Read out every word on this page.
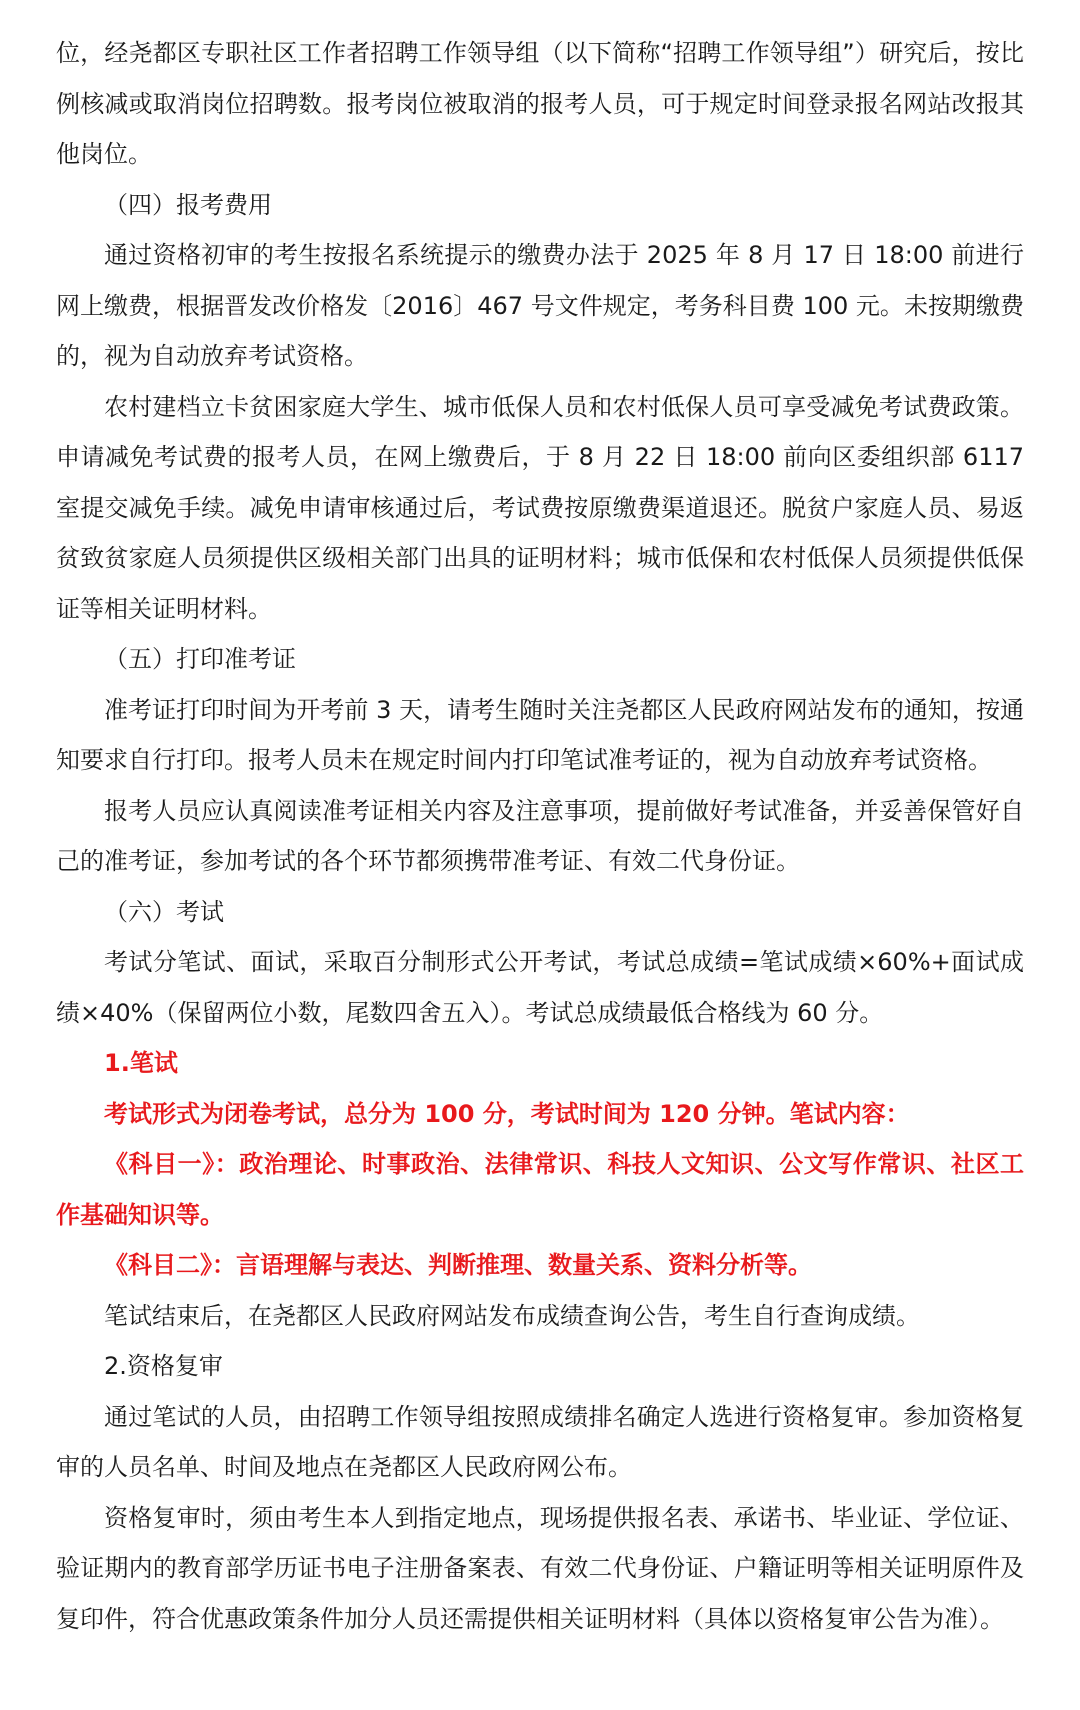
位，经尧都区专职社区工作者招聘工作领导组（以下简称“招聘工作领导组”）研究后，按比例核减或取消岗位招聘数。报考岗位被取消的报考人员，可于规定时间登录报名网站改报其他岗位。

（四）报考费用

通过资格初审的考生按报名系统提示的缴费办法于 2025 年 8 月 17 日 18:00 前进行网上缴费，根据晋发改价格发〔2016〕467 号文件规定，考务科目费 100 元。未按期缴费的，视为自动放弃考试资格。

农村建档立卡贫困家庭大学生、城市低保人员和农村低保人员可享受减免考试费政策。申请减免考试费的报考人员，在网上缴费后，于 8 月 22 日 18:00 前向区委组织部 6117 室提交减免手续。减免申请审核通过后，考试费按原缴费渠道退还。脱贫户家庭人员、易返贫致贫家庭人员须提供区级相关部门出具的证明材料；城市低保和农村低保人员须提供低保证等相关证明材料。

（五）打印准考证

准考证打印时间为开考前 3 天，请考生随时关注尧都区人民政府网站发布的通知，按通知要求自行打印。报考人员未在规定时间内打印笔试准考证的，视为自动放弃考试资格。

报考人员应认真阅读准考证相关内容及注意事项，提前做好考试准备，并妥善保管好自己的准考证，参加考试的各个环节都须携带准考证、有效二代身份证。

（六）考试

考试分笔试、面试，采取百分制形式公开考试，考试总成绩=笔试成绩×60%+面试成绩×40%（保留两位小数，尾数四舍五入）。考试总成绩最低合格线为 60 分。

1.笔试

考试形式为闭卷考试，总分为 100 分，考试时间为 120 分钟。笔试内容：

《科目一》：政治理论、时事政治、法律常识、科技人文知识、公文写作常识、社区工作基础知识等。

《科目二》：言语理解与表达、判断推理、数量关系、资料分析等。

笔试结束后，在尧都区人民政府网站发布成绩查询公告，考生自行查询成绩。

2.资格复审

通过笔试的人员，由招聘工作领导组按照成绩排名确定人选进行资格复审。参加资格复审的人员名单、时间及地点在尧都区人民政府网公布。

资格复审时，须由考生本人到指定地点，现场提供报名表、承诺书、毕业证、学位证、验证期内的教育部学历证书电子注册备案表、有效二代身份证、户籍证明等相关证明原件及复印件，符合优惠政策条件加分人员还需提供相关证明材料（具体以资格复审公告为准）。
